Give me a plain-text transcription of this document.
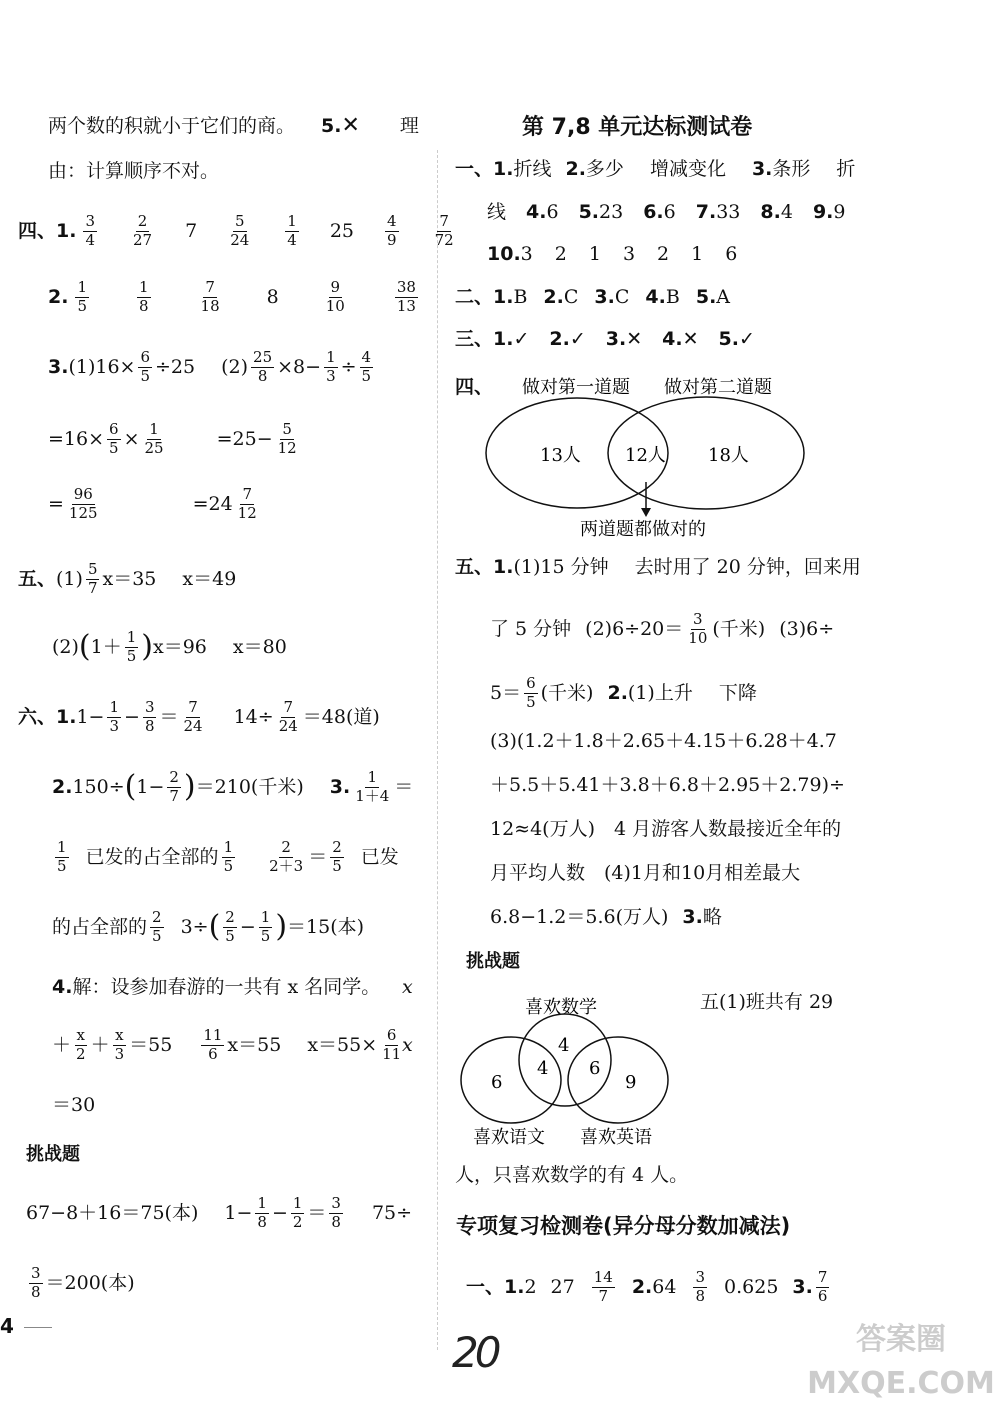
两个数的积就小于它们的商。 5. ✕ 理
由：计算顺序不对。
四、1. $\frac{3}{4} \frac{2}{27} 7 \frac{5}{24} \frac{1}{4} 25 \frac{4}{9} \frac{7}{72}$
2. $\frac{1}{5}$	$\frac{1}{8}$	$\frac{7}{18} 8$	$\frac{9}{10}$	$\frac{38}{13}$
3. $(1)16\times \frac{6}{5} \div 25$ $(2) \frac{25}{8} \times 8- \frac{1}{3} \div \frac{4}{5}$
$=16\times \frac{6}{5} \times \frac{1}{25}$	$=25- \frac{5}{12}$
= $\frac{96}{125}$	$=24 \frac{7}{12}$
五、 $(1) \frac{5}{7} x=35$ x＝49
(2) ( $1+ \frac{1}{5}$ ) x＝96 x＝80
六、1. $1- \frac{1}{3} - \frac{3}{8} = \frac{7}{24} 14\div \frac{7}{24} =48$(道)
2. 150÷ ( $1- \frac{2}{7}$ ) ＝210(千米) 3. $\frac{1}{1+4}$ ＝
$\frac{1}{5}$ 已发的占全部的 $\frac{1}{5} \frac{2}{2+3} = \frac{2}{5}$ 已发
的占全部的 $\frac{2}{5} 3\div$ ( $\frac{2}{5} - \frac{1}{5}$ ) ＝15(本)
4. 解：设参加春游的一共有 x 名同学。 x
＋ $\frac{x}{2} + \frac{x}{3} =55 \frac{11}{6} x=55$ $x=55\times \frac{6}{11}$
x
＝30
挑战题
67−8＋16＝75(本) $1- \frac{1}{8} - \frac{1}{2} = \frac{3}{8} 75\div$
$\frac{3}{8} =200$(本)
4
第 7,8 单元达标测试卷
一、1. 折线 2. 多少 增减变化 3. 条形 折
线 4.6 5.23 6.6 7.33 8.4 9.9
10. 3 2 1 3 2 1 6
二、1. B 2.C 3.C 4.B 5.A
三、1. ✓ 2.✓ 3.✕ 4.✕ 5.✓
四、 做对第一道题 做对第二道题
13人 12人 18人
两道题都做对的
五、1. (1)15 分钟 去时用了 20 分钟，回来用
了 5 分钟 $(2)6\div 20= \frac{3}{10}$ (千米) (3)6÷
$5= \frac{6}{5}$ (千米) 2. (1)上升 下降
(3)(1.2＋1.8＋2.65＋4.15＋6.28＋4.7
＋5.5＋5.41＋3.8＋6.8＋2.95＋2.79)÷
12≈4(万人)　4 月游客人数最接近全年的
月平均人数　(4)1月和10月相差最大
6.8−1.2＝5.6(万人) 3. 略
挑战题
喜欢数学
4
6
4 6
9
喜欢语文 喜欢英语
五(1)班共有 29
人，只喜欢数学的有 4 人。
专项复习检测卷(异分母分数加减法)
一、1. 2 $27 \frac{14}{7} 2$. $64 \frac{3}{8} 0.625$ 3. $\frac{7}{6}$
20	答案圈 MXQE.COM
